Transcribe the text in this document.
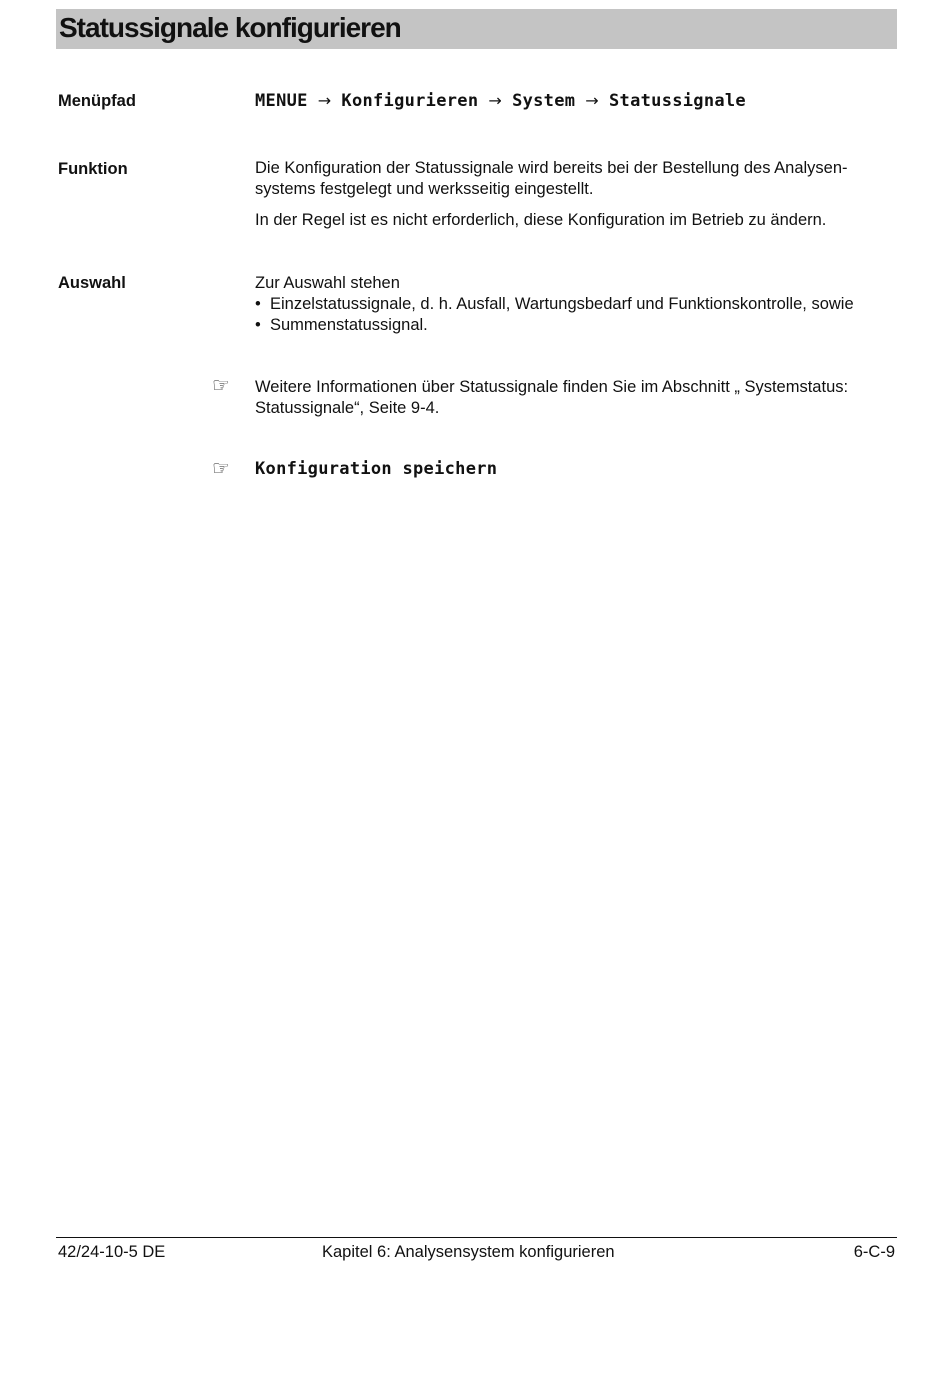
Statussignale konfigurieren
Menüpfad	MENUE → Konfigurieren → System → Statussignale
Funktion	Die Konfiguration der Statussignale wird bereits bei der Bestellung des Analysensystems festgelegt und werksseitig eingestellt.

In der Regel ist es nicht erforderlich, diese Konfiguration im Betrieb zu ändern.

Auswahl	Zur Auswahl stehen
• Einzelstatussignale, d. h. Ausfall, Wartungsbedarf und Funktionskontrolle, sowie
• Summenstatussignal.
☞	Weitere Informationen über Statussignale finden Sie im Abschnitt „ Systemstatus: Statussignale“, Seite 9-4.
☞	Konfiguration speichern
42/24-10-5 DE	Kapitel 6: Analysensystem konfigurieren	6-C-9
